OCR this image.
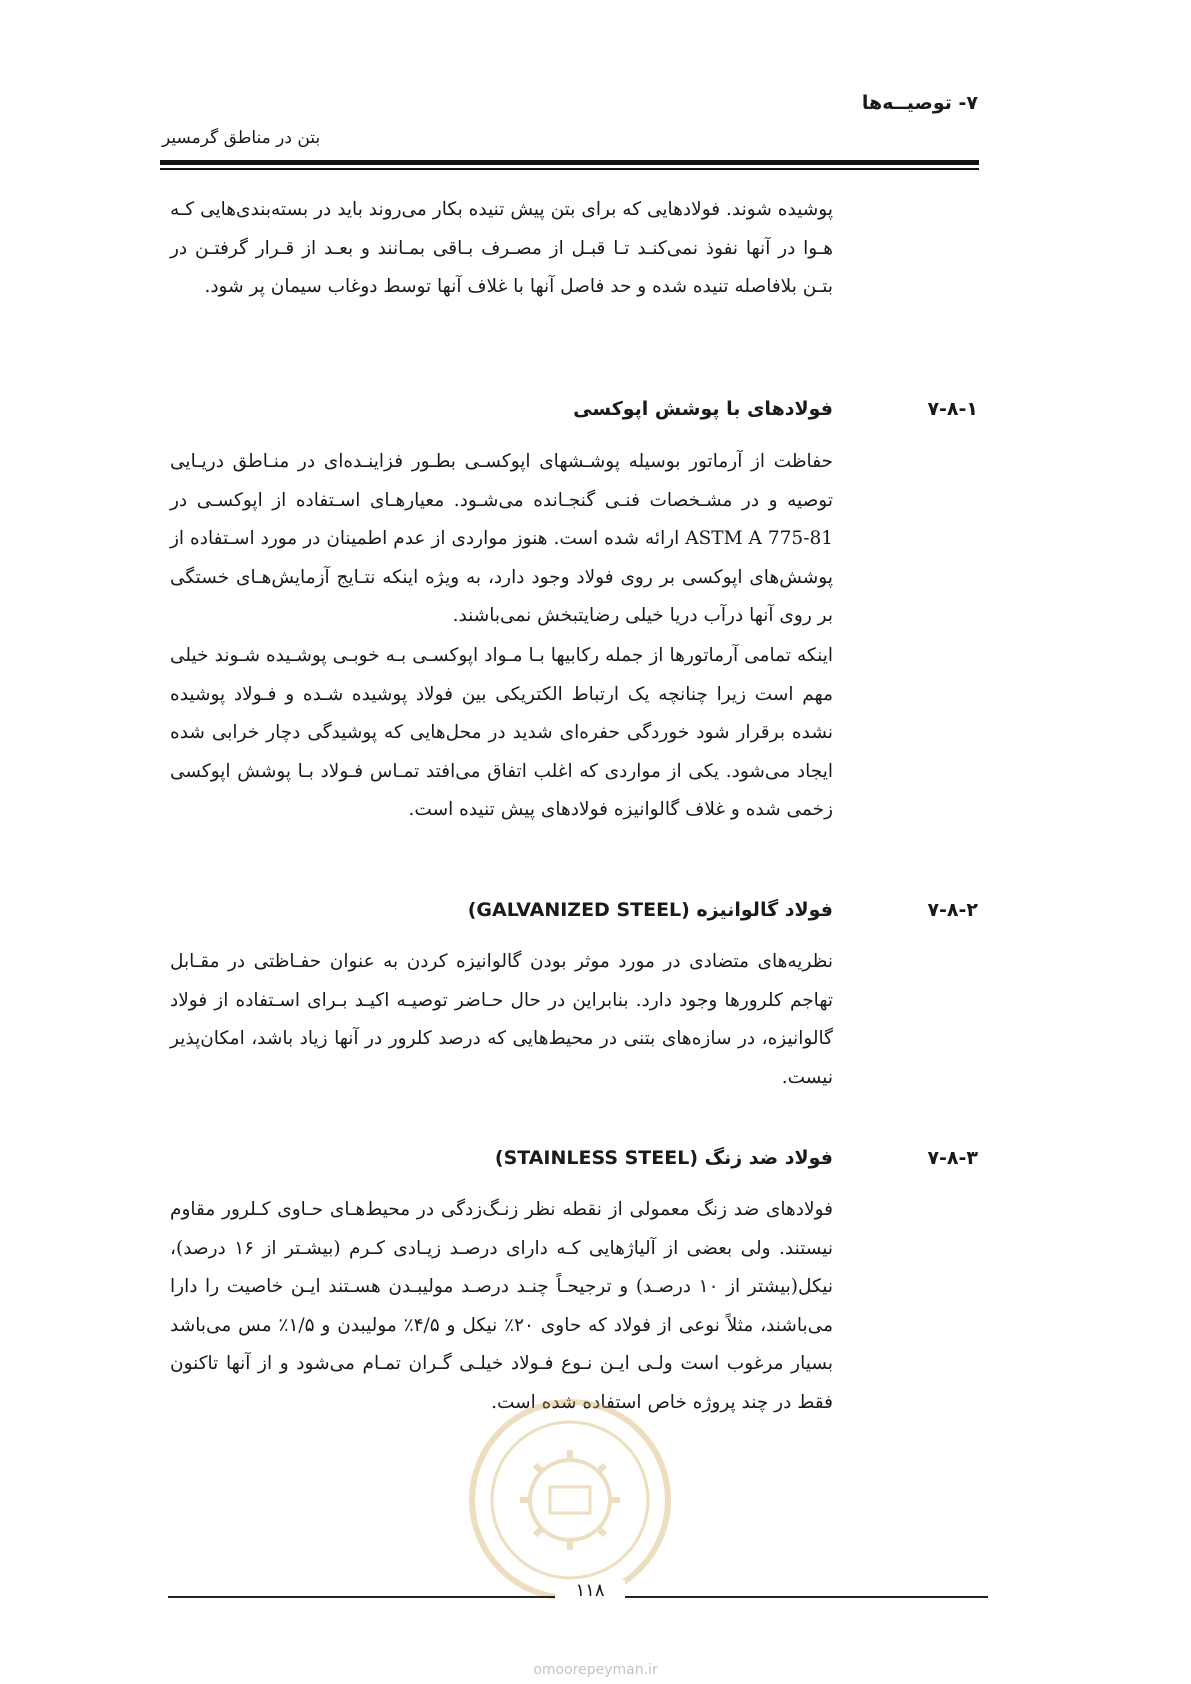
۷- توصیــه‌ها
بتن در مناطق گرمسیر
پوشیده شوند. فولادهایی که برای بتن پیش تنیده بکار می‌روند باید در بسته‌بندی‌هایی کـه هـوا در آنها نفوذ نمی‌کنـد تـا قبـل از مصـرف بـاقی بمـانند و بعـد از قـرار گرفتـن در بتـن بلافاصله تنیده شده و حد فاصل آنها با غلاف آنها توسط دوغاب سیمان پر شود.
۷-۸-۱
فولادهای با پوشش اپوکسی
حفاظت از آرماتور بوسیله پوشـشهای اپوکسـی بطـور فزاینـده‌ای در منـاطق دریـایی توصیه و در مشـخصات فنـی گنجـانده می‌شـود. معیارهـای اسـتفاده از اپوکسـی در ASTM A 775-81 ارائه شده است. هنوز مواردی از عدم اطمینان در مورد اسـتفاده از پوشش‌های اپوکسی بر روی فولاد وجود دارد، به ویژه اینکه نتـایج آزمایش‌هـای خستگی بر روی آنها درآب دریا خیلی رضایتبخش نمی‌باشند.
اینکه تمامی آرماتورها از جمله رکابیها بـا مـواد اپوکسـی بـه خوبـی پوشـیده شـوند خیلی مهم است زیرا چنانچه یک ارتباط الکتریکی بین فولاد پوشیده شـده و فـولاد پوشیده نشده برقرار شود خوردگی حفره‌ای شدید در محل‌هایی که پوشیدگی دچار خرابی شده ایجاد می‌شود. یکی از مواردی که اغلب اتفاق می‌افتد تمـاس فـولاد بـا پوشش اپوکسی زخمی شده و غلاف گالوانیزه فولادهای پیش تنیده است.
۷-۸-۲
فولاد گالوانیزه (GALVANIZED STEEL)
نظریه‌های متضادی در مورد موثر بودن گالوانیزه کردن به عنوان حفـاظتی در مقـابل تهاجم کلرورها وجود دارد. بنابراین در حال حـاضر توصیـه اکیـد بـرای اسـتفاده از فولاد گالوانیزه، در سازه‌های بتنی در محیط‌هایی که درصد کلرور در آنها زیاد باشد، امکان‌پذیر نیست.
۷-۸-۳
فولاد ضد زنگ (STAINLESS STEEL)
فولادهای ضد زنگ معمولی از نقطه نظر زنـگ‌زدگی در محیط‌هـای حـاوی کـلرور مقاوم نیستند. ولی بعضی از آلیاژهایی کـه دارای درصـد زیـادی کـرم (بیشـتر از ۱۶ درصد)، نیکل(بیشتر از ۱۰ درصـد) و ترجیحـاً چنـد درصـد مولیبـدن هسـتند ایـن خاصیت را دارا می‌باشند، مثلاً نوعی از فولاد که حاوی ۲۰٪ نیکل و ۴/۵٪ مولیبدن و ۱/۵٪ مس می‌باشد بسیار مرغوب است ولـی ایـن نـوع فـولاد خیلـی گـران تمـام می‌شود و از آنها تاکنون فقط در چند پروژه خاص استفاده شده است.
۱۱۸
omoorepeyman.ir
